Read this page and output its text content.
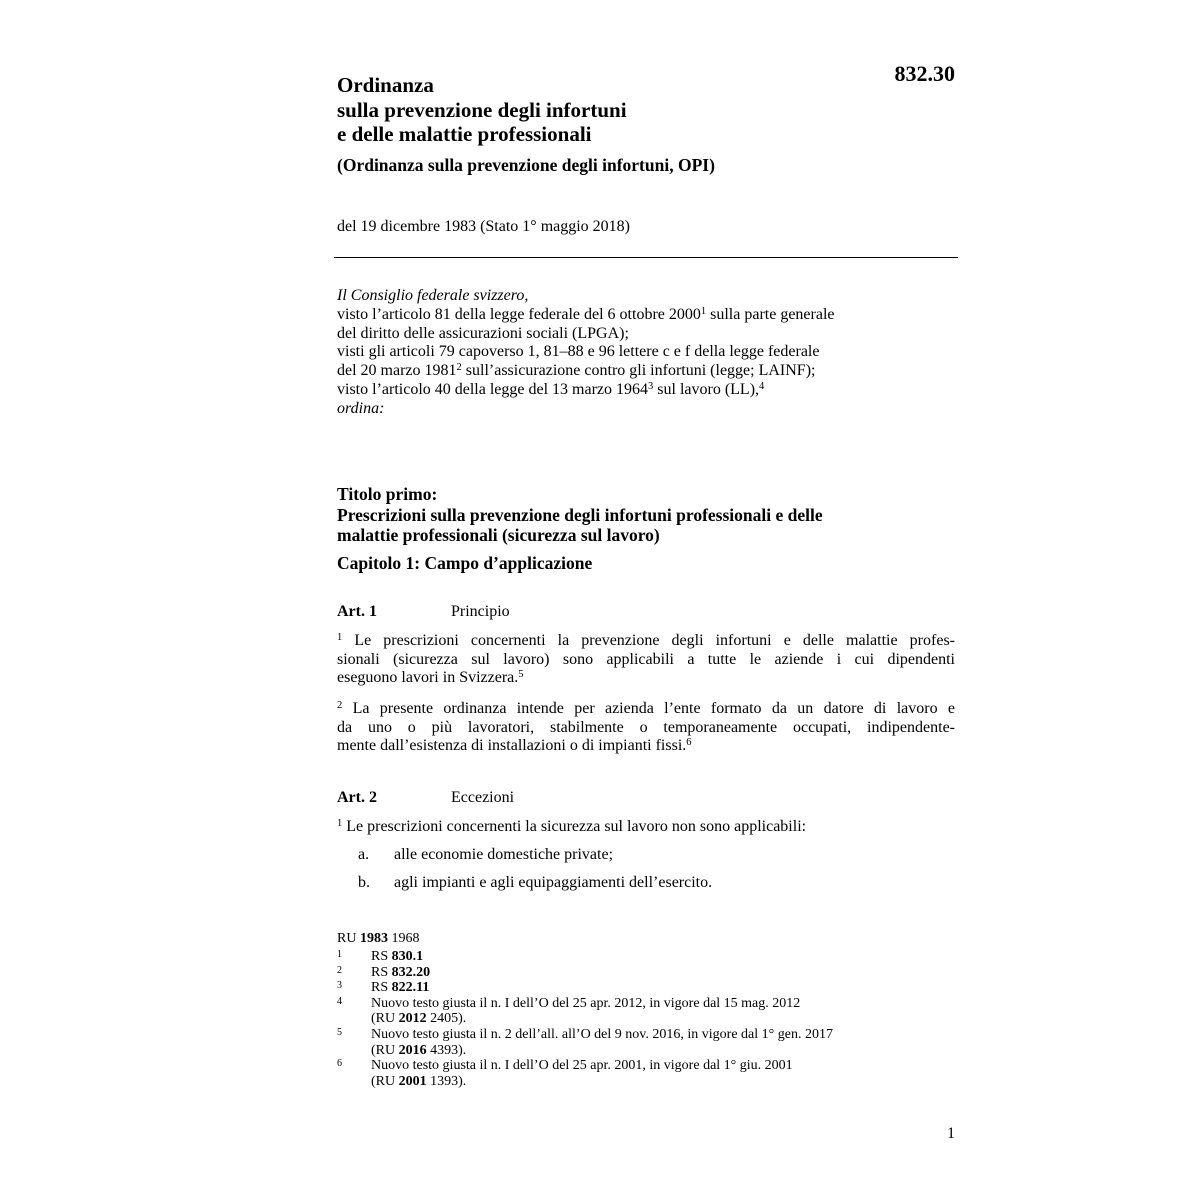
832.30
Ordinanza
sulla prevenzione degli infortuni
e delle malattie professionali
(Ordinanza sulla prevenzione degli infortuni, OPI)
del 19 dicembre 1983 (Stato 1° maggio 2018)
Il Consiglio federale svizzero,
visto l’articolo 81 della legge federale del 6 ottobre 2000$^1$ sulla parte generale
del diritto delle assicurazioni sociali (LPGA);
visti gli articoli 79 capoverso 1, 81–88 e 96 lettere c e f della legge federale
del 20 marzo 1981$^2$ sull’assicurazione contro gli infortuni (legge; LAINF);
visto l’articolo 40 della legge del 13 marzo 1964$^3$ sul lavoro (LL),$^4$
ordina:
Titolo primo:
Prescrizioni sulla prevenzione degli infortuni professionali e delle
malattie professionali (sicurezza sul lavoro)
Capitolo 1: Campo d’applicazione
Art. 1	Principio
$^1$ Le prescrizioni concernenti la prevenzione degli infortuni e delle malattie profes-
sionali (sicurezza sul lavoro) sono applicabili a tutte le aziende i cui dipendenti
eseguono lavori in Svizzera.$^5$
$^2$ La presente ordinanza intende per azienda l’ente formato da un datore di lavoro e
da uno o più lavoratori, stabilmente o temporaneamente occupati, indipendente-
mente dall’esistenza di installazioni o di impianti fissi.$^6$
Art. 2	Eccezioni
$^1$ Le prescrizioni concernenti la sicurezza sul lavoro non sono applicabili:
a. alle economie domestiche private;
b. agli impianti e agli equipaggiamenti dell’esercito.
RU 1983 1968
1 RS 830.1
2 RS 832.20
3 RS 822.11
4 Nuovo testo giusta il n. I dell’O del 25 apr. 2012, in vigore dal 15 mag. 2012
(RU 2012 2405).
5 Nuovo testo giusta il n. 2 dell’all. all’O del 9 nov. 2016, in vigore dal 1° gen. 2017
(RU 2016 4393).
6 Nuovo testo giusta il n. I dell’O del 25 apr. 2001, in vigore dal 1° giu. 2001
(RU 2001 1393).
1
